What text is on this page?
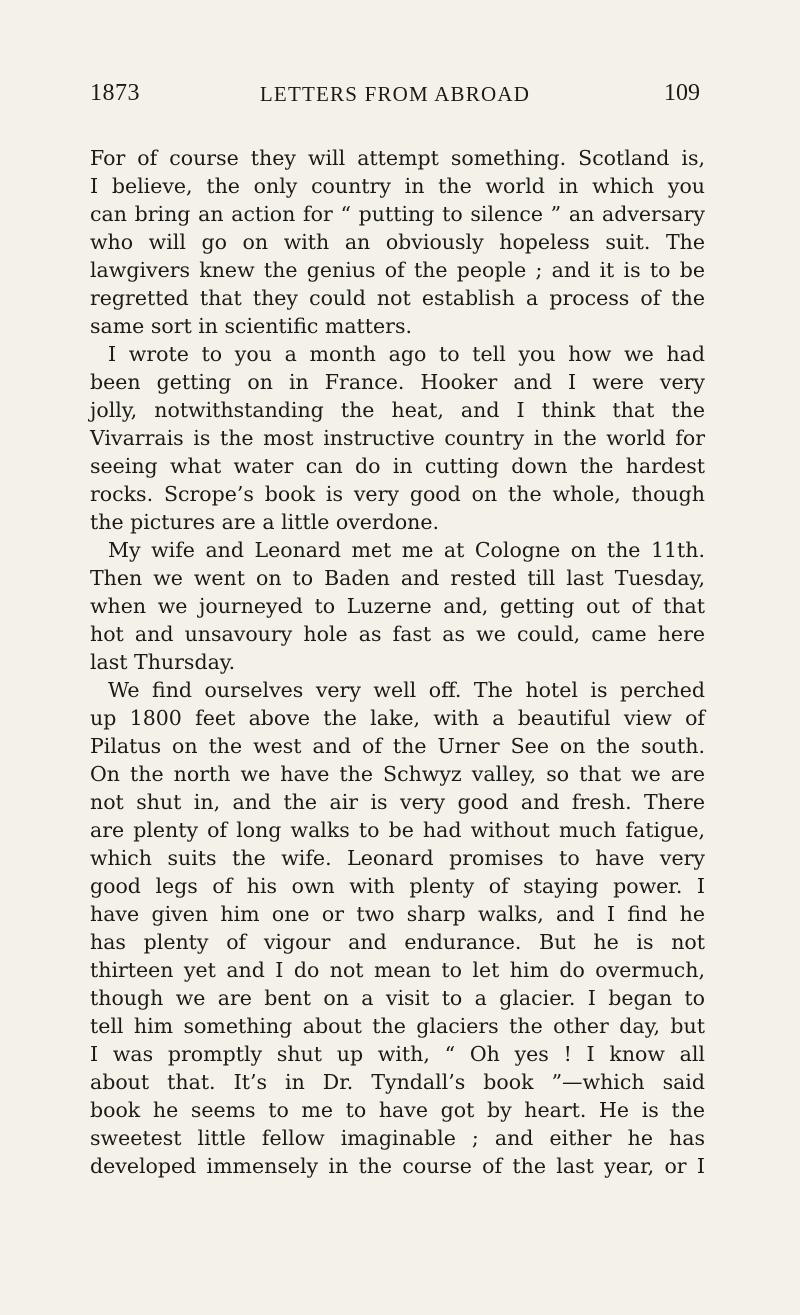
1873	LETTERS FROM ABROAD	109
For of course they will attempt something. Scotland is,
I believe, the only country in the world in which you
can bring an action for “ putting to silence ” an adversary
who will go on with an obviously hopeless suit. The
lawgivers knew the genius of the people ; and it is to be
regretted that they could not establish a process of the
same sort in scientific matters.
I wrote to you a month ago to tell you how we had
been getting on in France. Hooker and I were very
jolly, notwithstanding the heat, and I think that the
Vivarrais is the most instructive country in the world for
seeing what water can do in cutting down the hardest
rocks. Scrope’s book is very good on the whole, though
the pictures are a little overdone.
My wife and Leonard met me at Cologne on the 11th.
Then we went on to Baden and rested till last Tuesday,
when we journeyed to Luzerne and, getting out of that
hot and unsavoury hole as fast as we could, came here
last Thursday.
We find ourselves very well off. The hotel is perched
up 1800 feet above the lake, with a beautiful view of
Pilatus on the west and of the Urner See on the south.
On the north we have the Schwyz valley, so that we are
not shut in, and the air is very good and fresh. There
are plenty of long walks to be had without much fatigue,
which suits the wife. Leonard promises to have very
good legs of his own with plenty of staying power. I
have given him one or two sharp walks, and I find he
has plenty of vigour and endurance. But he is not
thirteen yet and I do not mean to let him do overmuch,
though we are bent on a visit to a glacier. I began to
tell him something about the glaciers the other day, but
I was promptly shut up with, “ Oh yes ! I know all
about that. It’s in Dr. Tyndall’s book ”—which said
book he seems to me to have got by heart. He is the
sweetest little fellow imaginable ; and either he has
developed immensely in the course of the last year, or I
